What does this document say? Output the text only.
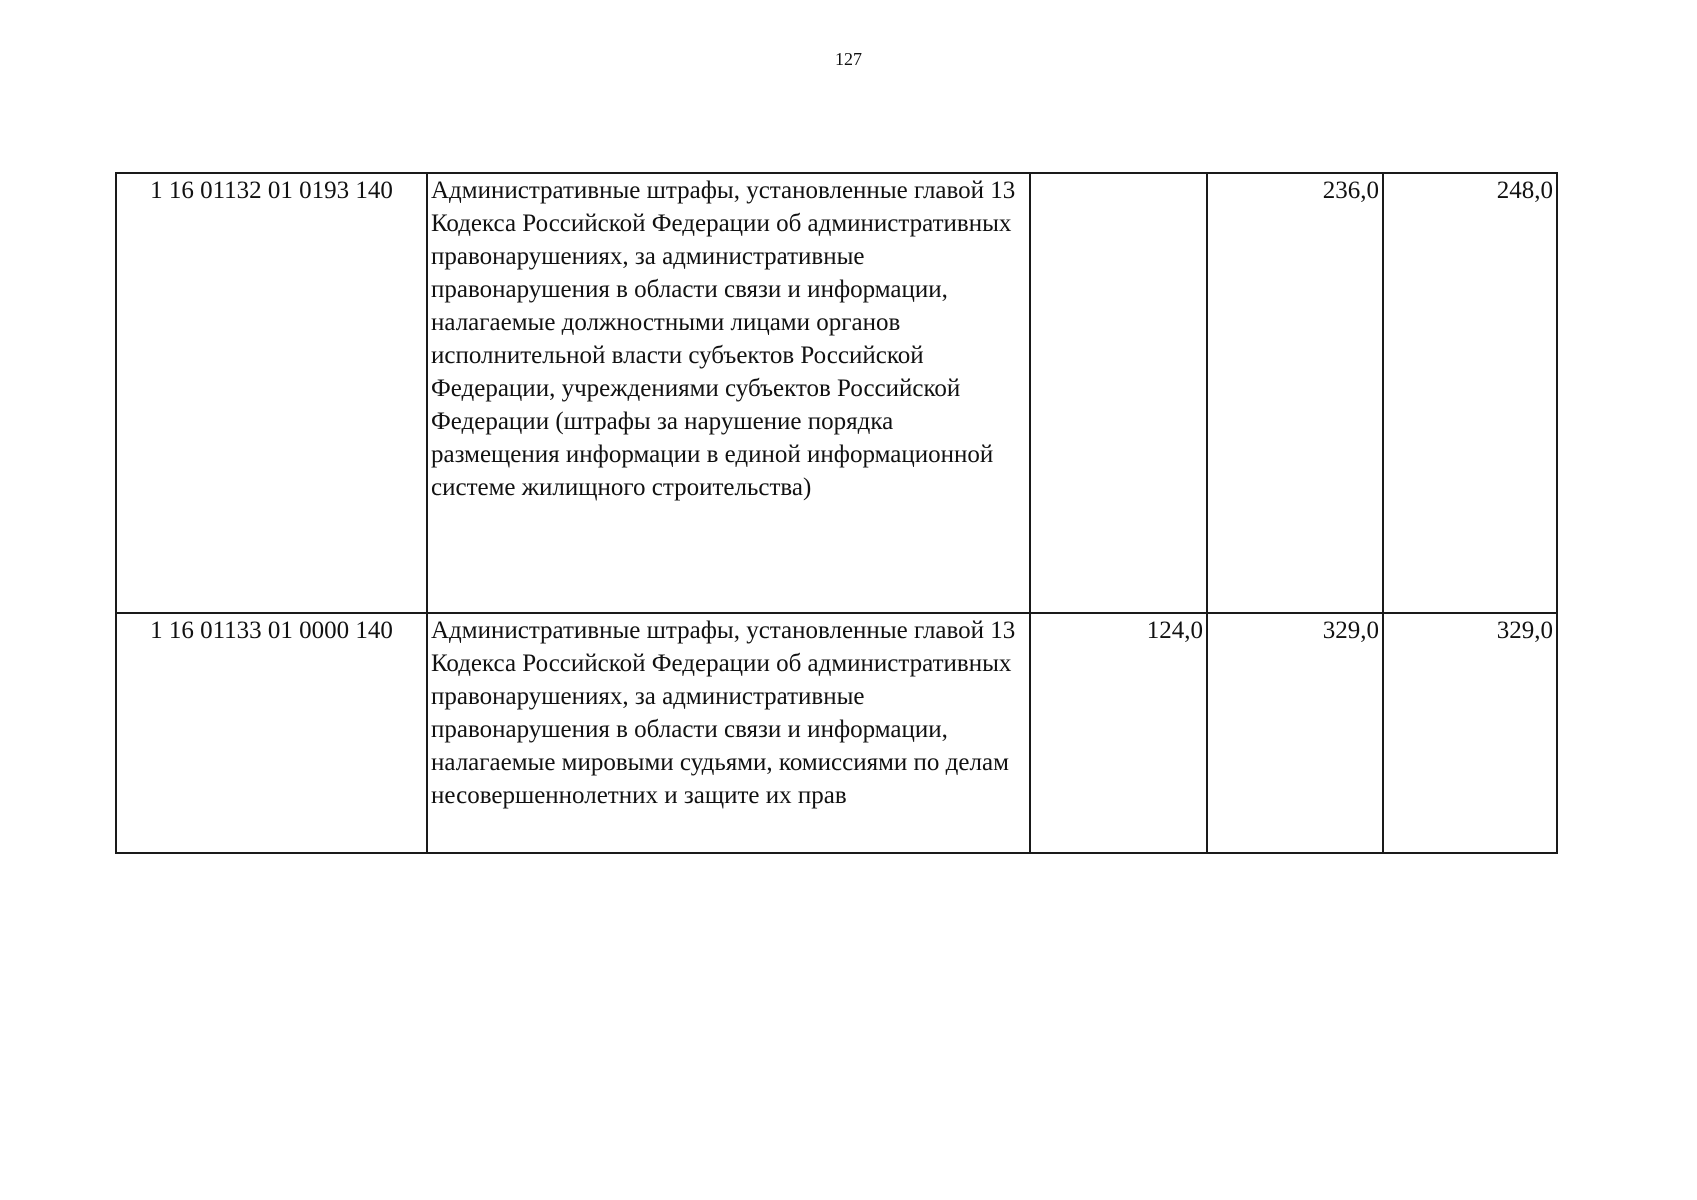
127
1 16 01132 01 0193 140	Административные штрафы, установленные главой 13 Кодекса Российской Федерации об административных правонарушениях, за административные правонарушения в области связи и информации, налагаемые должностными лицами органов исполнительной власти субъектов Российской Федерации, учреждениями субъектов Российской Федерации (штрафы за нарушение порядка размещения информации в единой информационной системе жилищного строительства)		236,0	248,0
1 16 01133 01 0000 140	Административные штрафы, установленные главой 13 Кодекса Российской Федерации об административных правонарушениях, за административные правонарушения в области связи и информации, налагаемые мировыми судьями, комиссиями по делам несовершеннолетних и защите их прав	124,0	329,0	329,0
